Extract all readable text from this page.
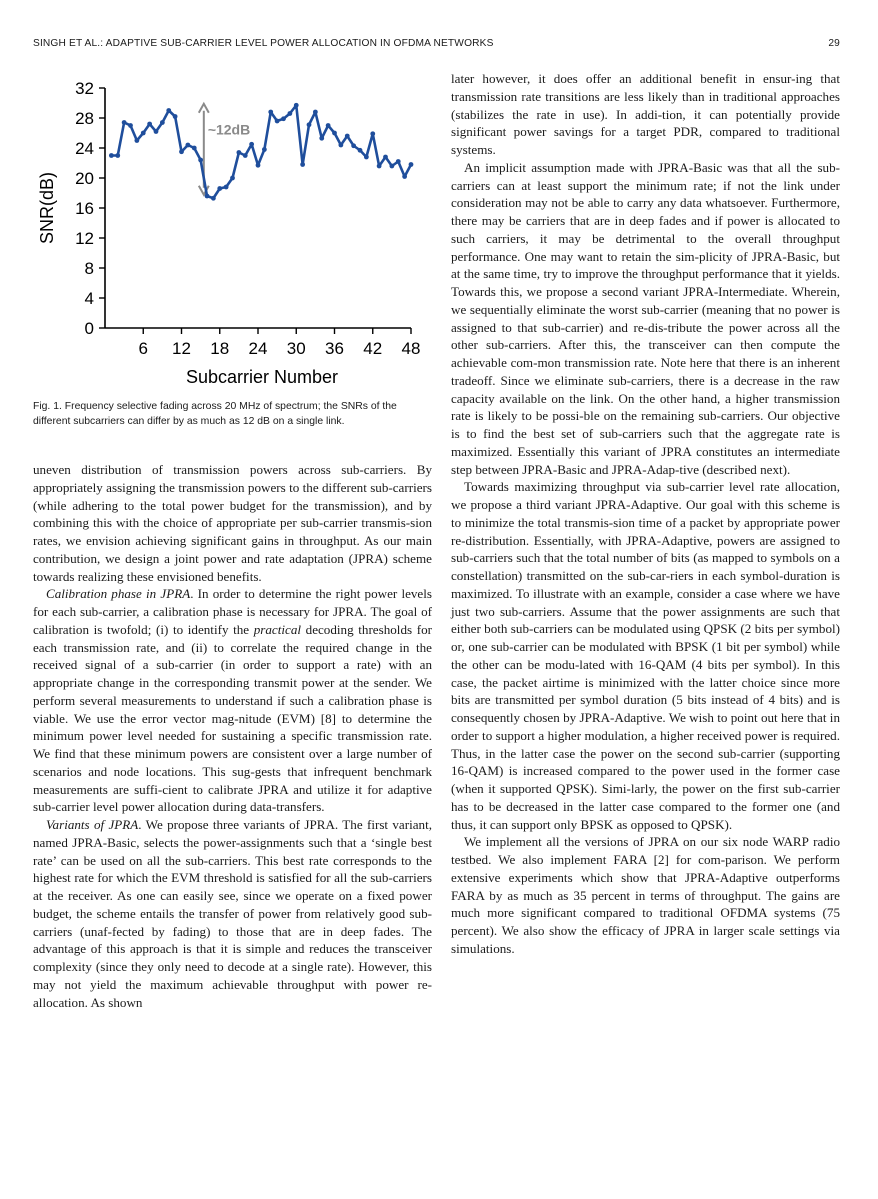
SINGH ET AL.: ADAPTIVE SUB-CARRIER LEVEL POWER ALLOCATION IN OFDMA NETWORKS	29
0
4
8
12
16
20
24
28
32
6 12 18 24 30 36 42 48
SNR(dB)
Subcarrier Number
~12dB
Fig. 1. Frequency selective fading across 20 MHz of spectrum; the SNRs of the different subcarriers can differ by as much as 12 dB on a single link.

uneven distribution of transmission powers across sub-carriers. By appropriately assigning the transmission powers to the different sub-carriers (while adhering to the total power budget for the transmission), and by combining this with the choice of appropriate per sub-carrier transmis-sion rates, we envision achieving significant gains in throughput. As our main contribution, we design a joint power and rate adaptation (JPRA) scheme towards realizing these envisioned benefits.

Calibration phase in JPRA. In order to determine the right power levels for each sub-carrier, a calibration phase is necessary for JPRA. The goal of calibration is twofold; (i) to identify the practical decoding thresholds for each transmission rate, and (ii) to correlate the required change in the received signal of a sub-carrier (in order to support a rate) with an appropriate change in the corresponding transmit power at the sender. We perform several measurements to understand if such a calibration phase is viable. We use the error vector mag-nitude (EVM) [8] to determine the minimum power level needed for sustaining a specific transmission rate. We find that these minimum powers are consistent over a large number of scenarios and node locations. This sug-gests that infrequent benchmark measurements are suffi-cient to calibrate JPRA and utilize it for adaptive sub-carrier level power allocation during data-transfers.

Variants of JPRA. We propose three variants of JPRA. The first variant, named JPRA-Basic, selects the power-assignments such that a ‘single best rate’ can be used on all the sub-carriers. This best rate corresponds to the highest rate for which the EVM threshold is satisfied for all the sub-carriers at the receiver. As one can easily see, since we operate on a fixed power budget, the scheme entails the transfer of power from relatively good sub-carriers (unaf-fected by fading) to those that are in deep fades. The advantage of this approach is that it is simple and reduces the transceiver complexity (since they only need to decode at a single rate). However, this may not yield the maximum achievable throughput with power re-allocation. As shown

later however, it does offer an additional benefit in ensur-ing that transmission rate transitions are less likely than in traditional approaches (stabilizes the rate in use). In addi-tion, it can potentially provide significant power savings for a target PDR, compared to traditional systems.

An implicit assumption made with JPRA-Basic was that all the sub-carriers can at least support the minimum rate; if not the link under consideration may not be able to carry any data whatsoever. Furthermore, there may be carriers that are in deep fades and if power is allocated to such carriers, it may be detrimental to the overall throughput performance. One may want to retain the sim-plicity of JPRA-Basic, but at the same time, try to improve the throughput performance that it yields. Towards this, we propose a second variant JPRA-Intermediate. Wherein, we sequentially eliminate the worst sub-carrier (meaning that no power is assigned to that sub-carrier) and re-dis-tribute the power across all the other sub-carriers. After this, the transceiver can then compute the achievable com-mon transmission rate. Note here that there is an inherent tradeoff. Since we eliminate sub-carriers, there is a decrease in the raw capacity available on the link. On the other hand, a higher transmission rate is likely to be possi-ble on the remaining sub-carriers. Our objective is to find the best set of sub-carriers such that the aggregate rate is maximized. Essentially this variant of JPRA constitutes an intermediate step between JPRA-Basic and JPRA-Adap-tive (described next).

Towards maximizing throughput via sub-carrier level rate allocation, we propose a third variant JPRA-Adaptive. Our goal with this scheme is to minimize the total transmis-sion time of a packet by appropriate power re-distribution. Essentially, with JPRA-Adaptive, powers are assigned to sub-carriers such that the total number of bits (as mapped to symbols on a constellation) transmitted on the sub-car-riers in each symbol-duration is maximized. To illustrate with an example, consider a case where we have just two sub-carriers. Assume that the power assignments are such that either both sub-carriers can be modulated using QPSK (2 bits per symbol) or, one sub-carrier can be modulated with BPSK (1 bit per symbol) while the other can be modu-lated with 16-QAM (4 bits per symbol). In this case, the packet airtime is minimized with the latter choice since more bits are transmitted per symbol duration (5 bits instead of 4 bits) and is consequently chosen by JPRA-Adaptive. We wish to point out here that in order to support a higher modulation, a higher received power is required. Thus, in the latter case the power on the second sub-carrier (supporting 16-QAM) is increased compared to the power used in the former case (when it supported QPSK). Simi-larly, the power on the first sub-carrier has to be decreased in the latter case compared to the former one (and thus, it can support only BPSK as opposed to QPSK).

We implement all the versions of JPRA on our six node WARP radio testbed. We also implement FARA [2] for com-parison. We perform extensive experiments which show that JPRA-Adaptive outperforms FARA by as much as 35 percent in terms of throughput. The gains are much more significant compared to traditional OFDMA systems (75 percent). We also show the efficacy of JPRA in larger scale settings via simulations.
